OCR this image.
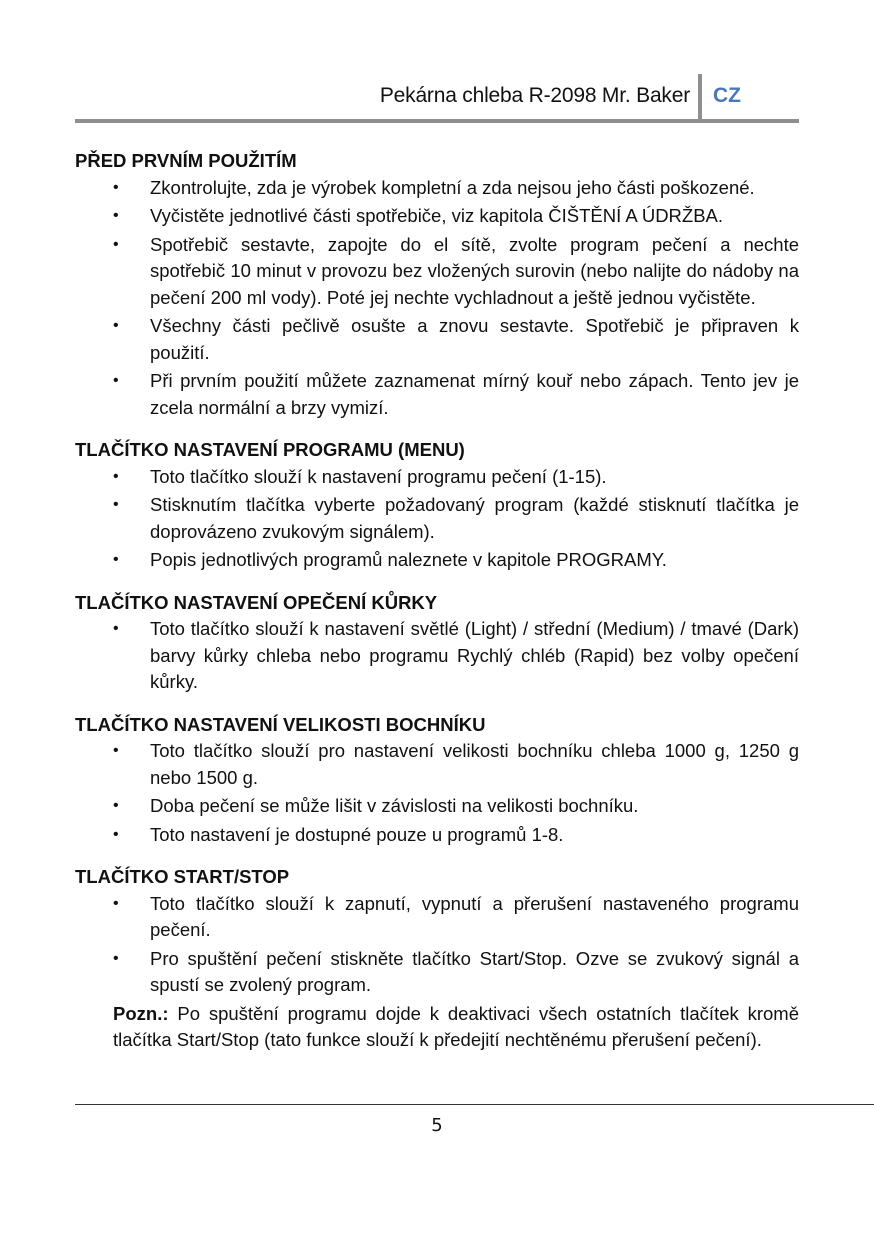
Pekárna chleba R-2098 Mr. Baker CZ

PŘED PRVNÍM POUŽITÍM

• Zkontrolujte, zda je výrobek kompletní a zda nejsou jeho části poškozené.
• Vyčistěte jednotlivé části spotřebiče, viz kapitola ČIŠTĚNÍ A ÚDRŽBA.
• Spotřebič sestavte, zapojte do el sítě, zvolte program pečení a nechte spotřebič 10 minut v provozu bez vložených surovin (nebo nalijte do nádoby na pečení 200 ml vody). Poté jej nechte vychladnout a ještě jednou vyčistěte.
• Všechny části pečlivě osušte a znovu sestavte. Spotřebič je připraven k použití.
• Při prvním použití můžete zaznamenat mírný kouř nebo zápach. Tento jev je zcela normální a brzy vymizí.

TLAČÍTKO NASTAVENÍ PROGRAMU (MENU)

• Toto tlačítko slouží k nastavení programu pečení (1-15).
• Stisknutím tlačítka vyberte požadovaný program (každé stisknutí tlačítka je doprovázeno zvukovým signálem).
• Popis jednotlivých programů naleznete v kapitole PROGRAMY.

TLAČÍTKO NASTAVENÍ OPEČENÍ KŮRKY

• Toto tlačítko slouží k nastavení světlé (Light) / střední (Medium) / tmavé (Dark) barvy kůrky chleba nebo programu Rychlý chléb (Rapid) bez volby opečení kůrky.

TLAČÍTKO NASTAVENÍ VELIKOSTI BOCHNÍKU

• Toto tlačítko slouží pro nastavení velikosti bochníku chleba 1000 g, 1250 g nebo 1500 g.
• Doba pečení se může lišit v závislosti na velikosti bochníku.
• Toto nastavení je dostupné pouze u programů 1-8.

TLAČÍTKO START/STOP

• Toto tlačítko slouží k zapnutí, vypnutí a přerušení nastaveného programu pečení.
• Pro spuštění pečení stiskněte tlačítko Start/Stop. Ozve se zvukový signál a spustí se zvolený program.
Pozn.: Po spuštění programu dojde k deaktivaci všech ostatních tlačítek kromě tlačítka Start/Stop (tato funkce slouží k předejití nechtěnému přerušení pečení).
5
